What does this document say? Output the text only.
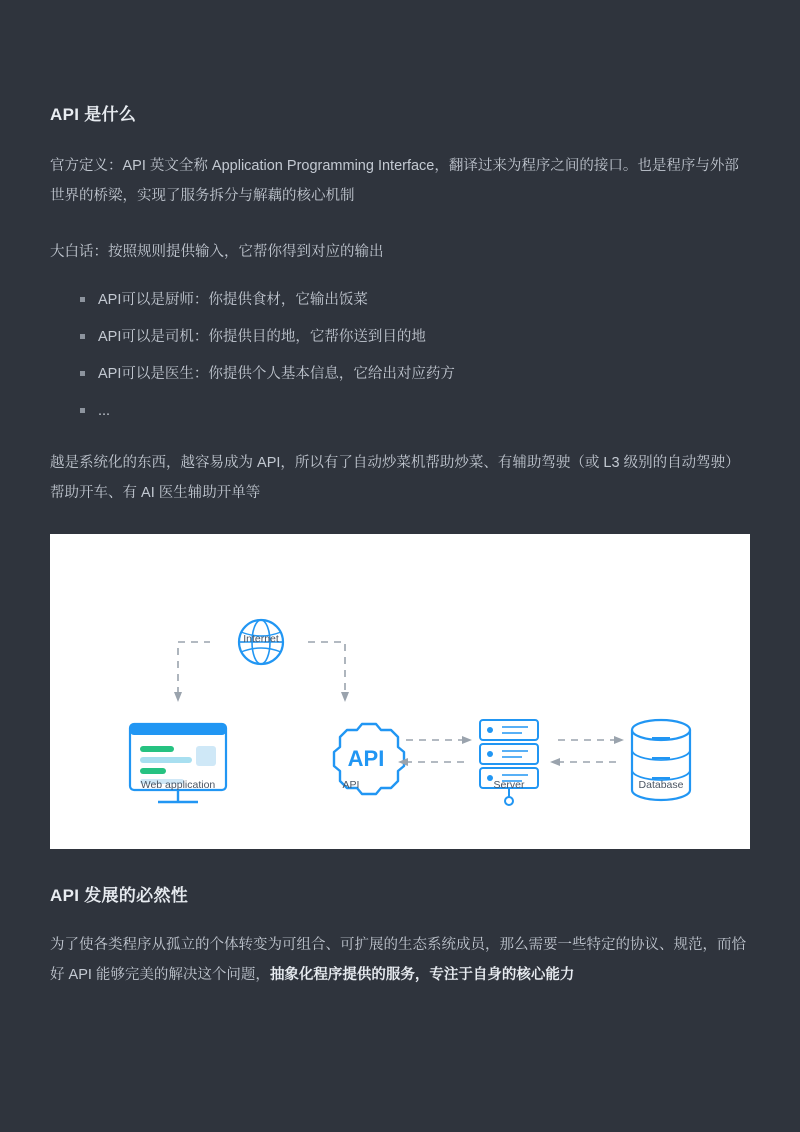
API 是什么

官方定义：API 英文全称 Application Programming Interface，翻译过来为程序之间的接口。也是程序与外部世界的桥梁，实现了服务拆分与解藕的核心机制

大白话：按照规则提供输入，它帮你得到对应的输出

API可以是厨师：你提供食材，它输出饭菜
API可以是司机：你提供目的地，它帮你送到目的地
API可以是医生：你提供个人基本信息，它给出对应药方
...

越是系统化的东西，越容易成为 API，所以有了自动炒菜机帮助炒菜、有辅助驾驶（或 L3 级别的自动驾驶）帮助开车、有 AI 医生辅助开单等

API
Internet
Web application	API	Server	Database
API 发展的必然性

为了使各类程序从孤立的个体转变为可组合、可扩展的生态系统成员，那么需要一些特定的协议、规范，而恰好 API 能够完美的解决这个问题，抽象化程序提供的服务，专注于自身的核心能力
